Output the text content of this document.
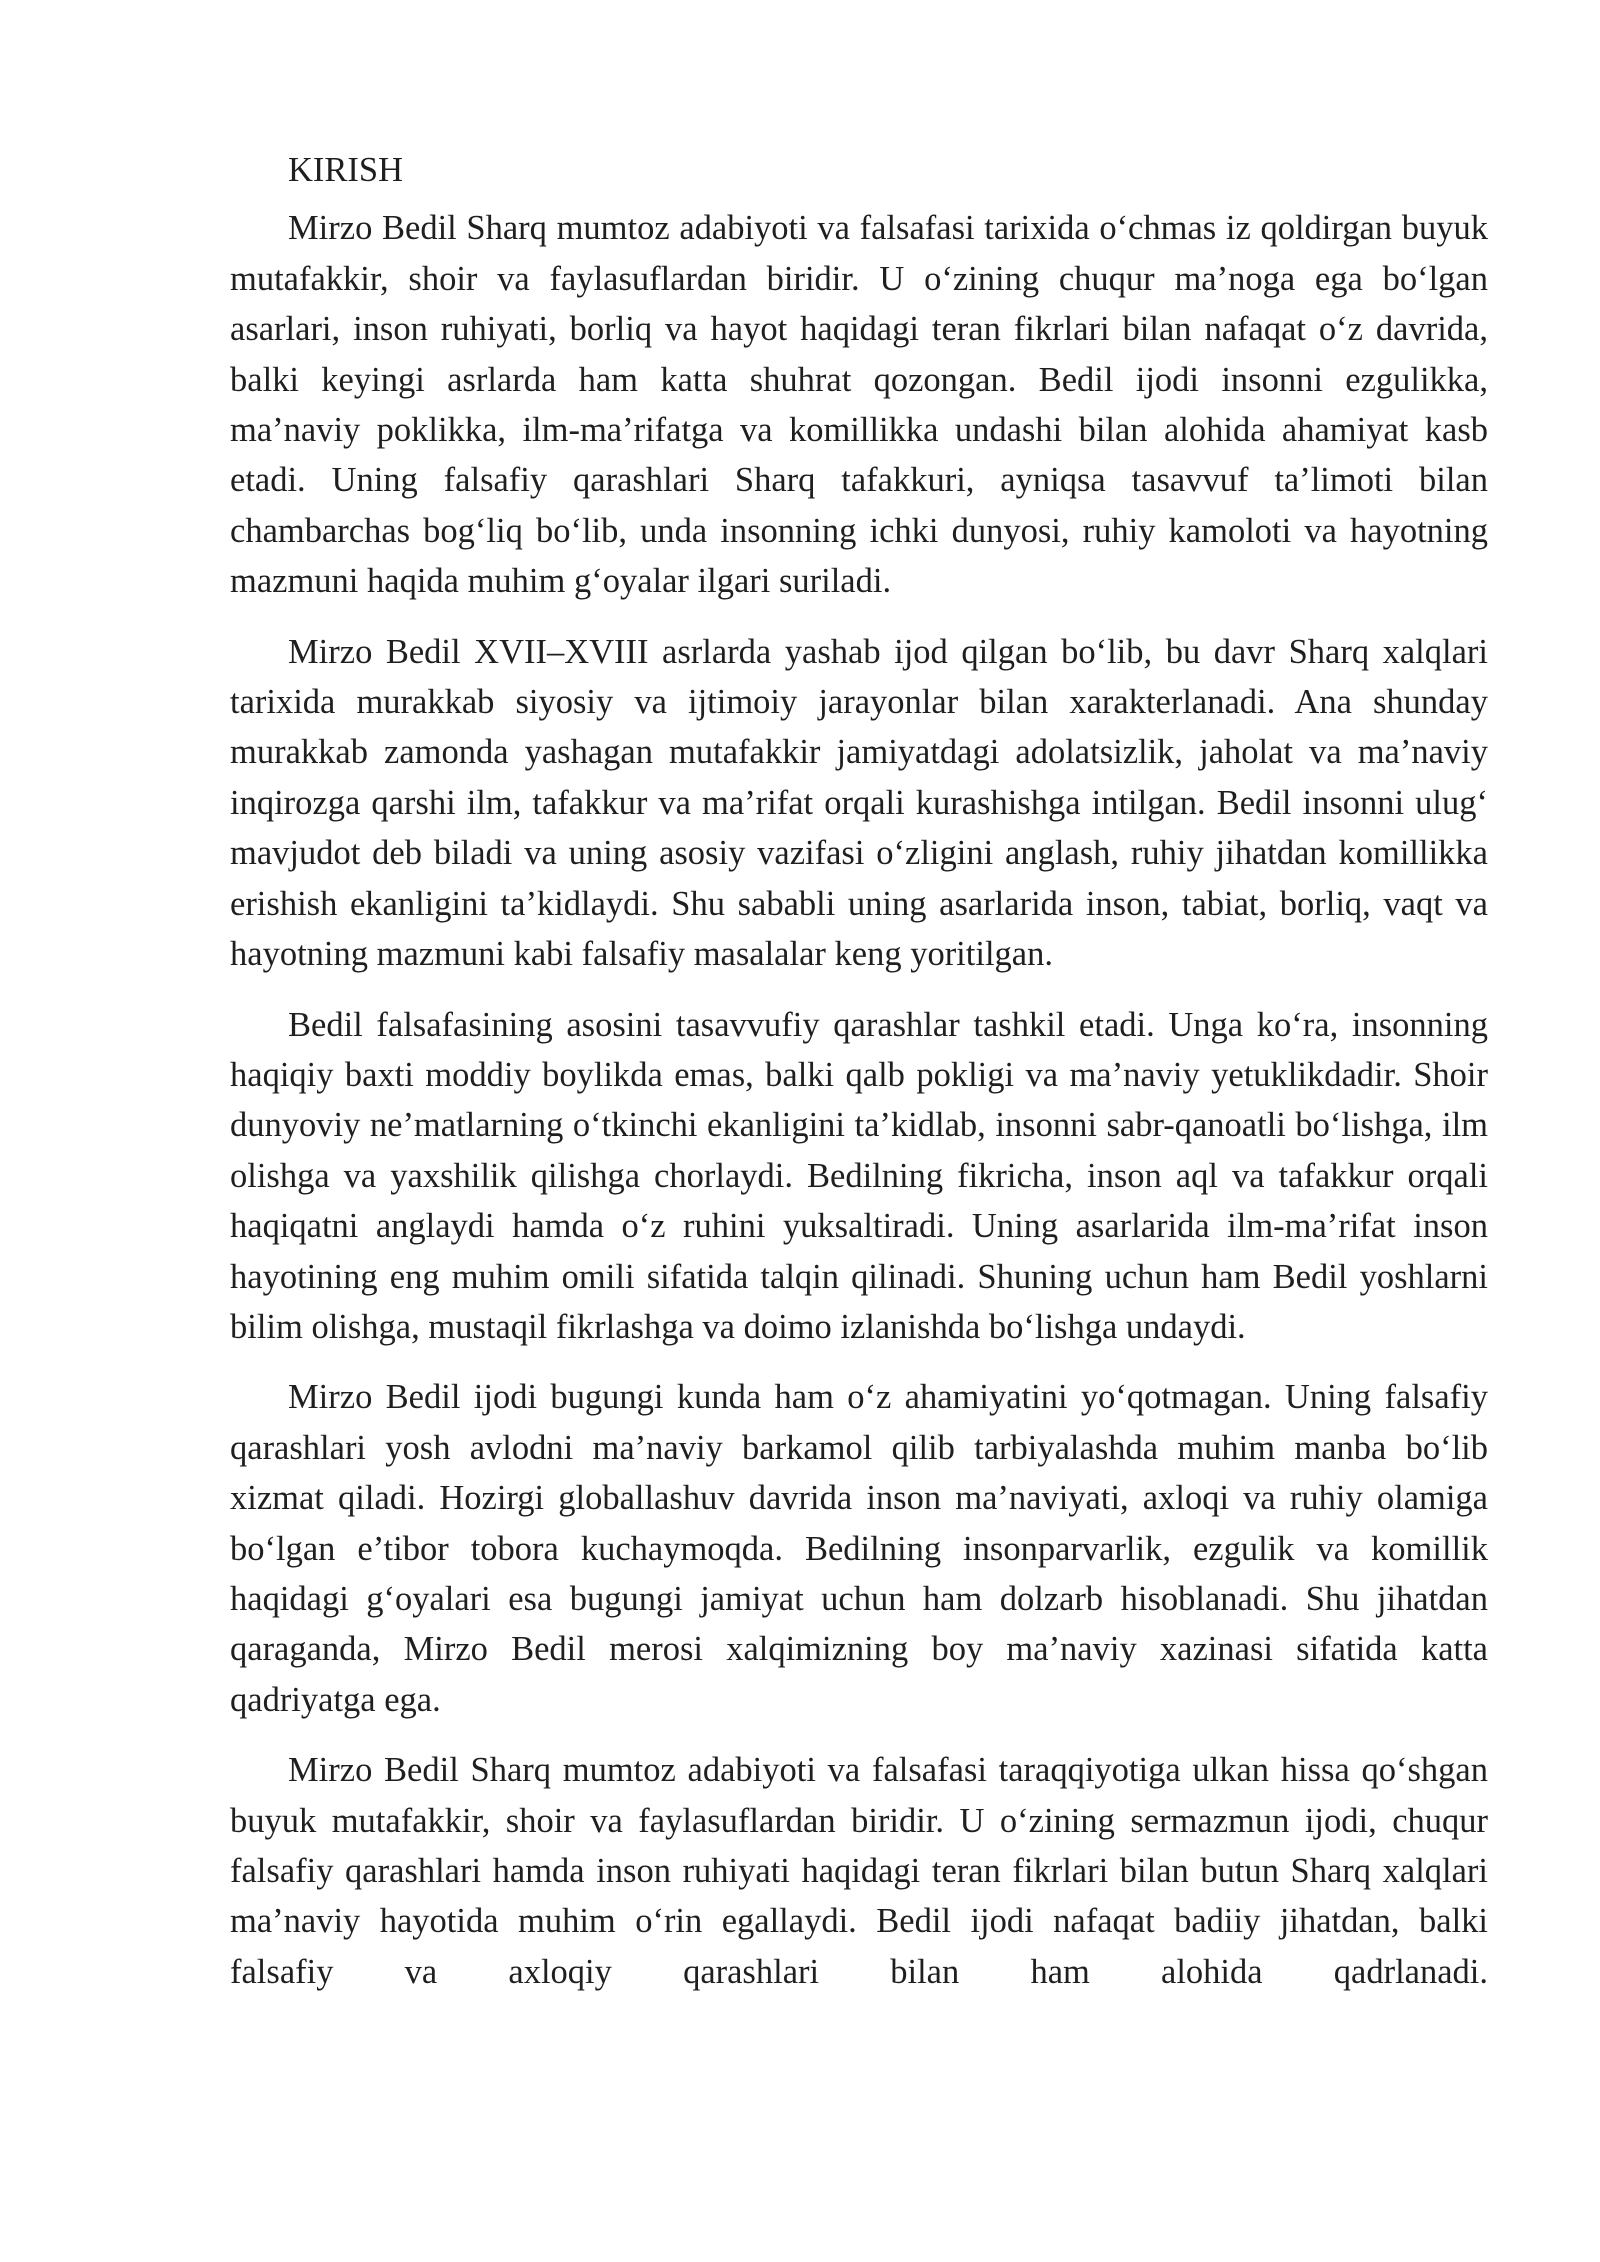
KIRISH

Mirzo Bedil Sharq mumtoz adabiyoti va falsafasi tarixida o‘chmas iz qoldirgan buyuk mutafakkir, shoir va faylasuflardan biridir. U o‘zining chuqur ma’noga ega bo‘lgan asarlari, inson ruhiyati, borliq va hayot haqidagi teran fikrlari bilan nafaqat o‘z davrida, balki keyingi asrlarda ham katta shuhrat qozongan. Bedil ijodi insonni ezgulikka, ma’naviy poklikka, ilm-ma’rifatga va komillikka undashi bilan alohida ahamiyat kasb etadi. Uning falsafiy qarashlari Sharq tafakkuri, ayniqsa tasavvuf ta’limoti bilan chambarchas bog‘liq bo‘lib, unda insonning ichki dunyosi, ruhiy kamoloti va hayotning mazmuni haqida muhim g‘oyalar ilgari suriladi.

Mirzo Bedil XVII–XVIII asrlarda yashab ijod qilgan bo‘lib, bu davr Sharq xalqlari tarixida murakkab siyosiy va ijtimoiy jarayonlar bilan xarakterlanadi. Ana shunday murakkab zamonda yashagan mutafakkir jamiyatdagi adolatsizlik, jaholat va ma’naviy inqirozga qarshi ilm, tafakkur va ma’rifat orqali kurashishga intilgan. Bedil insonni ulug‘ mavjudot deb biladi va uning asosiy vazifasi o‘zligini anglash, ruhiy jihatdan komillikka erishish ekanligini ta’kidlaydi. Shu sababli uning asarlarida inson, tabiat, borliq, vaqt va hayotning mazmuni kabi falsafiy masalalar keng yoritilgan.

Bedil falsafasining asosini tasavvufiy qarashlar tashkil etadi. Unga ko‘ra, insonning haqiqiy baxti moddiy boylikda emas, balki qalb pokligi va ma’naviy yetuklikdadir. Shoir dunyoviy ne’matlarning o‘tkinchi ekanligini ta’kidlab, insonni sabr-qanoatli bo‘lishga, ilm olishga va yaxshilik qilishga chorlaydi. Bedilning fikricha, inson aql va tafakkur orqali haqiqatni anglaydi hamda o‘z ruhini yuksaltiradi. Uning asarlarida ilm-ma’rifat inson hayotining eng muhim omili sifatida talqin qilinadi. Shuning uchun ham Bedil yoshlarni bilim olishga, mustaqil fikrlashga va doimo izlanishda bo‘lishga undaydi.

Mirzo Bedil ijodi bugungi kunda ham o‘z ahamiyatini yo‘qotmagan. Uning falsafiy qarashlari yosh avlodni ma’naviy barkamol qilib tarbiyalashda muhim manba bo‘lib xizmat qiladi. Hozirgi globallashuv davrida inson ma’naviyati, axloqi va ruhiy olamiga bo‘lgan e’tibor tobora kuchaymoqda. Bedilning insonparvarlik, ezgulik va komillik haqidagi g‘oyalari esa bugungi jamiyat uchun ham dolzarb hisoblanadi. Shu jihatdan qaraganda, Mirzo Bedil merosi xalqimizning boy ma’naviy xazinasi sifatida katta qadriyatga ega.

Mirzo Bedil Sharq mumtoz adabiyoti va falsafasi taraqqiyotiga ulkan hissa qo‘shgan buyuk mutafakkir, shoir va faylasuflardan biridir. U o‘zining sermazmun ijodi, chuqur falsafiy qarashlari hamda inson ruhiyati haqidagi teran fikrlari bilan butun Sharq xalqlari ma’naviy hayotida muhim o‘rin egallaydi. Bedil ijodi nafaqat badiiy jihatdan, balki falsafiy va axloqiy qarashlari bilan ham alohida qadrlanadi.
